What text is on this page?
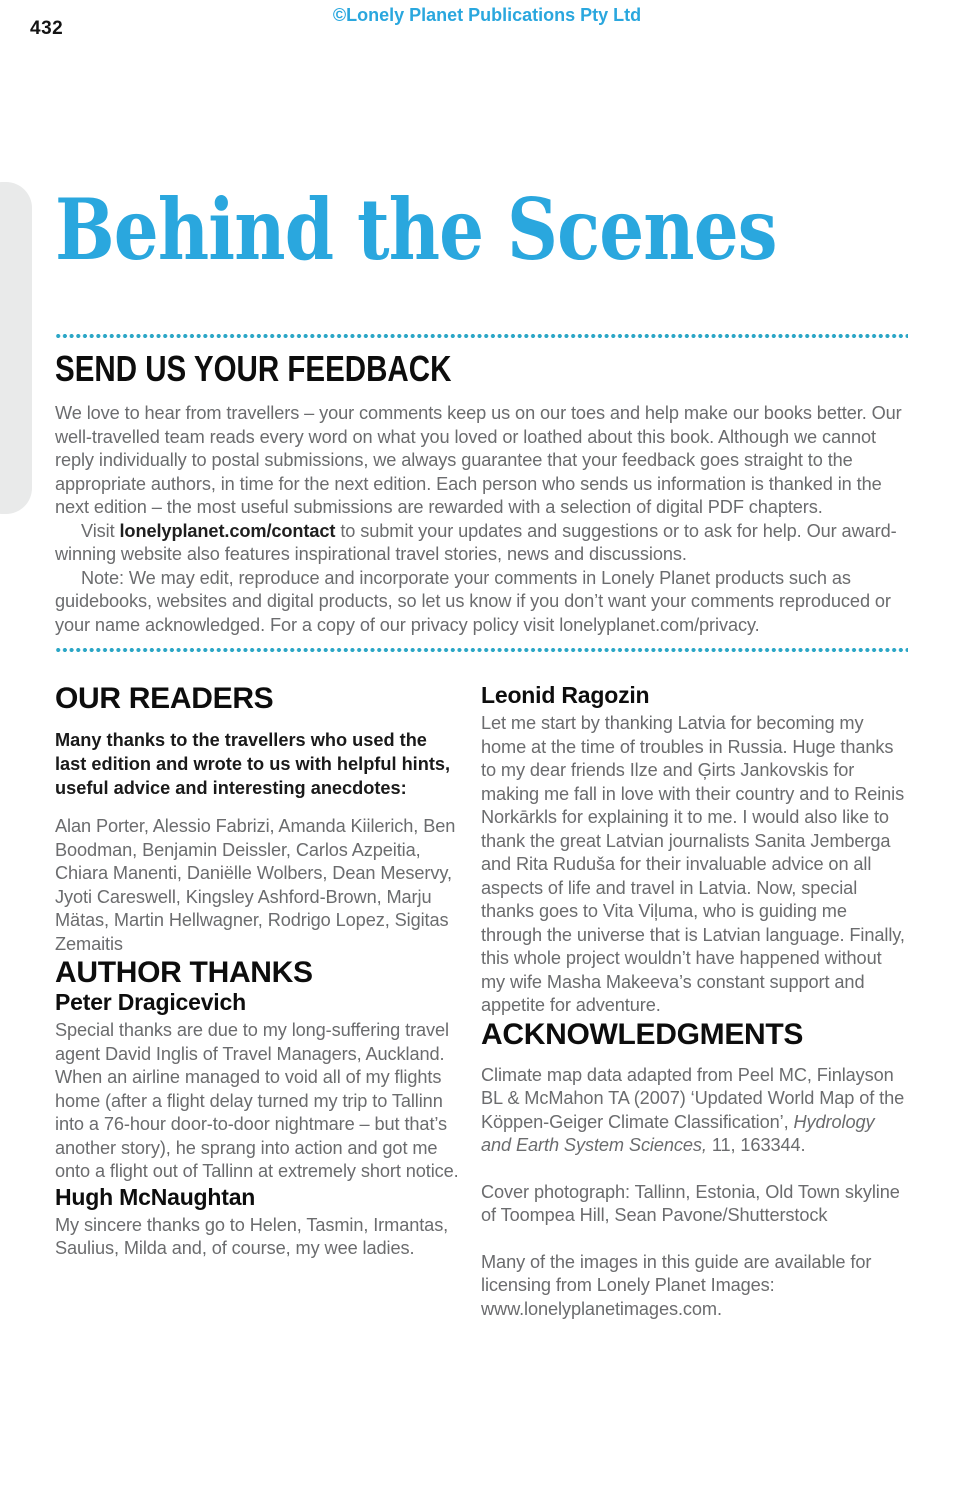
432
©Lonely Planet Publications Pty Ltd
Behind the Scenes
SEND US YOUR FEEDBACK

We love to hear from travellers – your comments keep us on our toes and help make our books better. Our well-travelled team reads every word on what you loved or loathed about this book. Although we cannot reply individually to postal submissions, we always guarantee that your feedback goes straight to the appropriate authors, in time for the next edition. Each person who sends us information is thanked in the next edition – the most useful submissions are rewarded with a selection of digital PDF chapters.

Visit lonelyplanet.com/contact to submit your updates and suggestions or to ask for help. Our award-winning website also features inspirational travel stories, news and discussions.

Note: We may edit, reproduce and incorporate your comments in Lonely Planet products such as guidebooks, websites and digital products, so let us know if you don’t want your comments reproduced or your name acknowledged. For a copy of our privacy policy visit lonelyplanet.com/privacy.

OUR READERS

Many thanks to the travellers who used the last edition and wrote to us with helpful hints, useful advice and interesting anecdotes:

Alan Porter, Alessio Fabrizi, Amanda Kiilerich, Ben Boodman, Benjamin Deissler, Carlos Azpeitia, Chiara Manenti, Daniëlle Wolbers, Dean Meservy, Jyoti Careswell, Kingsley Ashford-Brown, Marju Mätas, Martin Hellwagner, Rodrigo Lopez, Sigitas Zemaitis

AUTHOR THANKS
Peter Dragicevich

Special thanks are due to my long-suffering travel agent David Inglis of Travel Managers, Auckland. When an airline managed to void all of my flights home (after a flight delay turned my trip to Tallinn into a 76-hour door-to-door nightmare – but that’s another story), he sprang into action and got me onto a flight out of Tallinn at extremely short notice.

Hugh McNaughtan

My sincere thanks go to Helen, Tasmin, Irmantas, Saulius, Milda and, of course, my wee ladies.

Leonid Ragozin

Let me start by thanking Latvia for becoming my home at the time of troubles in Russia. Huge thanks to my dear friends Ilze and Ģirts Jankovskis for making me fall in love with their country and to Reinis Norkārkls for explaining it to me. I would also like to thank the great Latvian journalists Sanita Jemberga and Rita Ruduša for their invaluable advice on all aspects of life and travel in Latvia. Now, special thanks goes to Vita Viļuma, who is guiding me through the universe that is Latvian language. Finally, this whole project wouldn’t have happened without my wife Masha Makeeva’s constant support and appetite for adventure.

ACKNOWLEDGMENTS

Climate map data adapted from Peel MC, Finlayson BL & McMahon TA (2007) ‘Updated World Map of the Köppen-Geiger Climate Classification’, Hydrology and Earth System Sciences, 11, 163344.

Cover photograph: Tallinn, Estonia, Old Town skyline of Toompea Hill, Sean Pavone/Shutterstock

Many of the images in this guide are available for licensing from Lonely Planet Images: www.lonelyplanetimages.com.
